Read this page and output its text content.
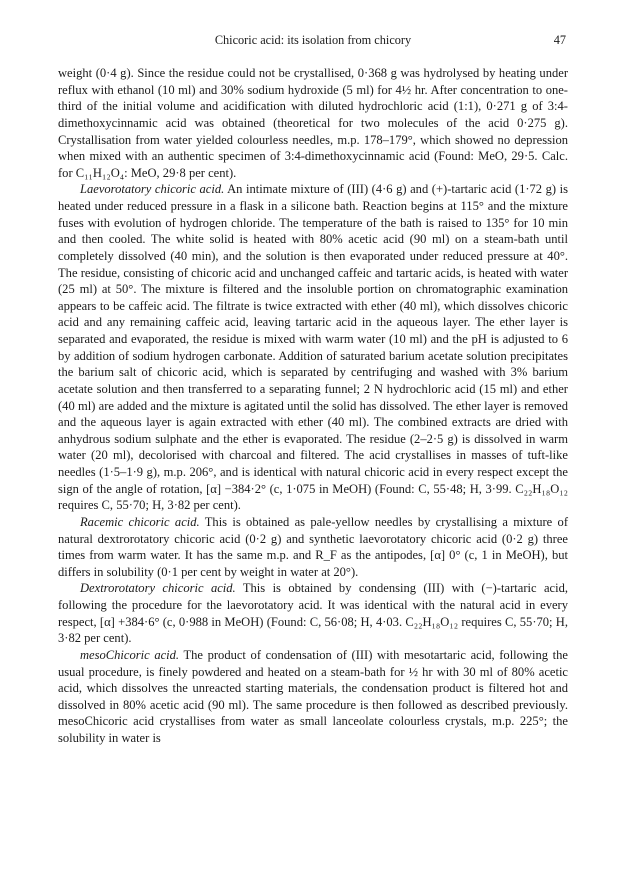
Chicoric acid: its isolation from chicory	47

weight (0·4 g). Since the residue could not be crystallised, 0·368 g was hydrolysed by heating under reflux with ethanol (10 ml) and 30% sodium hydroxide (5 ml) for 4½ hr. After concentration to one-third of the initial volume and acidification with diluted hydrochloric acid (1:1), 0·271 g of 3:4-dimethoxycinnamic acid was obtained (theoretical for two molecules of the acid 0·275 g). Crystallisation from water yielded colourless needles, m.p. 178–179°, which showed no depression when mixed with an authentic specimen of 3:4-dimethoxycinnamic acid (Found: MeO, 29·5. Calc. for C₁₁H₁₂O₄: MeO, 29·8 per cent).

Laevorotatory chicoric acid. An intimate mixture of (III) (4·6 g) and (+)-tartaric acid (1·72 g) is heated under reduced pressure in a flask in a silicone bath. Reaction begins at 115° and the mixture fuses with evolution of hydrogen chloride. The temperature of the bath is raised to 135° for 10 min and then cooled. The white solid is heated with 80% acetic acid (90 ml) on a steam-bath until completely dissolved (40 min), and the solution is then evaporated under reduced pressure at 40°. The residue, consisting of chicoric acid and unchanged caffeic and tartaric acids, is heated with water (25 ml) at 50°. The mixture is filtered and the insoluble portion on chromatographic examination appears to be caffeic acid. The filtrate is twice extracted with ether (40 ml), which dissolves chicoric acid and any remaining caffeic acid, leaving tartaric acid in the aqueous layer. The ether layer is separated and evaporated, the residue is mixed with warm water (10 ml) and the pH is adjusted to 6 by addition of sodium hydrogen carbonate. Addition of saturated barium acetate solution precipitates the barium salt of chicoric acid, which is separated by centrifuging and washed with 3% barium acetate solution and then transferred to a separating funnel; 2 N hydrochloric acid (15 ml) and ether (40 ml) are added and the mixture is agitated until the solid has dissolved. The ether layer is removed and the aqueous layer is again extracted with ether (40 ml). The combined extracts are dried with anhydrous sodium sulphate and the ether is evaporated. The residue (2–2·5 g) is dissolved in warm water (20 ml), decolorised with charcoal and filtered. The acid crystallises in masses of tuft-like needles (1·5–1·9 g), m.p. 206°, and is identical with natural chicoric acid in every respect except the sign of the angle of rotation, [α] −384·2° (c, 1·075 in MeOH) (Found: C, 55·48; H, 3·99. C₂₂H₁₈O₁₂ requires C, 55·70; H, 3·82 per cent).

Racemic chicoric acid. This is obtained as pale-yellow needles by crystallising a mixture of natural dextrorotatory chicoric acid (0·2 g) and synthetic laevorotatory chicoric acid (0·2 g) three times from warm water. It has the same m.p. and R_F as the antipodes, [α] 0° (c, 1 in MeOH), but differs in solubility (0·1 per cent by weight in water at 20°).

Dextrorotatory chicoric acid. This is obtained by condensing (III) with (−)-tartaric acid, following the procedure for the laevorotatory acid. It was identical with the natural acid in every respect, [α] +384·6° (c, 0·988 in MeOH) (Found: C, 56·08; H, 4·03. C₂₂H₁₈O₁₂ requires C, 55·70; H, 3·82 per cent).

mesoChicoric acid. The product of condensation of (III) with mesotartaric acid, following the usual procedure, is finely powdered and heated on a steam-bath for ½ hr with 30 ml of 80% acetic acid, which dissolves the unreacted starting materials, the condensation product is filtered hot and dissolved in 80% acetic acid (90 ml). The same procedure is then followed as described previously. mesoChicoric acid crystallises from water as small lanceolate colourless crystals, m.p. 225°; the solubility in water is
